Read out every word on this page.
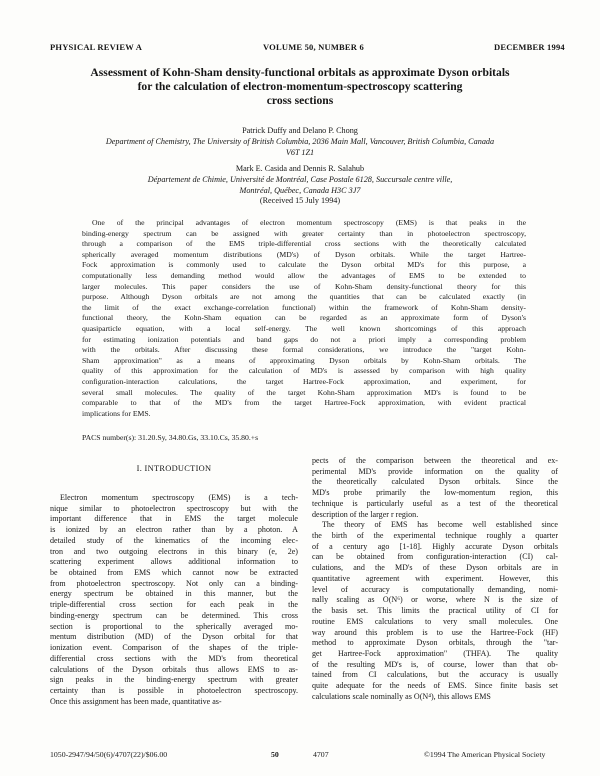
PHYSICAL REVIEW A	VOLUME 50, NUMBER 6	DECEMBER 1994
Assessment of Kohn-Sham density-functional orbitals as approximate Dyson orbitals
for the calculation of electron-momentum-spectroscopy scattering
cross sections
Patrick Duffy and Delano P. Chong
Department of Chemistry, The University of British Columbia, 2036 Main Mall, Vancouver, British Columbia, Canada
V6T 1Z1
Mark E. Casida and Dennis R. Salahub
Département de Chimie, Université de Montréal, Case Postale 6128, Succursale centre ville,
Montréal, Québec, Canada H3C 3J7
(Received 15 July 1994)
One of the principal advantages of electron momentum spectroscopy (EMS) is that peaks in the
binding-energy spectrum can be assigned with greater certainty than in photoelectron spectroscopy,
through a comparison of the EMS triple-differential cross sections with the theoretically calculated
spherically averaged momentum distributions (MD's) of Dyson orbitals. While the target Hartree-
Fock approximation is commonly used to calculate the Dyson orbital MD's for this purpose, a
computationally less demanding method would allow the advantages of EMS to be extended to
larger molecules. This paper considers the use of Kohn-Sham density-functional theory for this
purpose. Although Dyson orbitals are not among the quantities that can be calculated exactly (in
the limit of the exact exchange-correlation functional) within the framework of Kohn-Sham density-
functional theory, the Kohn-Sham equation can be regarded as an approximate form of Dyson's
quasiparticle equation, with a local self-energy. The well known shortcomings of this approach
for estimating ionization potentials and band gaps do not a priori imply a corresponding problem
with the orbitals. After discussing these formal considerations, we introduce the "target Kohn-
Sham approximation" as a means of approximating Dyson orbitals by Kohn-Sham orbitals. The
quality of this approximation for the calculation of MD's is assessed by comparison with high quality
configuration-interaction calculations, the target Hartree-Fock approximation, and experiment, for
several small molecules. The quality of the target Kohn-Sham approximation MD's is found to be
comparable to that of the MD's from the target Hartree-Fock approximation, with evident practical
implications for EMS.
PACS number(s): 31.20.Sy, 34.80.Gs, 33.10.Cs, 35.80.+s
I. INTRODUCTION
Electron momentum spectroscopy (EMS) is a tech-
nique similar to photoelectron spectroscopy but with the
important difference that in EMS the target molecule
is ionized by an electron rather than by a photon. A
detailed study of the kinematics of the incoming elec-
tron and two outgoing electrons in this binary (e, 2e)
scattering experiment allows additional information to
be obtained from EMS which cannot now be extracted
from photoelectron spectroscopy. Not only can a binding-
energy spectrum be obtained in this manner, but the
triple-differential cross section for each peak in the
binding-energy spectrum can be determined. This cross
section is proportional to the spherically averaged mo-
mentum distribution (MD) of the Dyson orbital for that
ionization event. Comparison of the shapes of the triple-
differential cross sections with the MD's from theoretical
calculations of the Dyson orbitals thus allows EMS to as-
sign peaks in the binding-energy spectrum with greater
certainty than is possible in photoelectron spectroscopy.
Once this assignment has been made, quantitative as-
pects of the comparison between the theoretical and ex-
perimental MD's provide information on the quality of
the theoretically calculated Dyson orbitals. Since the
MD's probe primarily the low-momentum region, this
technique is particularly useful as a test of the theoretical
description of the larger r region.
The theory of EMS has become well established since
the birth of the experimental technique roughly a quarter
of a century ago [1-18]. Highly accurate Dyson orbitals
can be obtained from configuration-interaction (CI) cal-
culations, and the MD's of these Dyson orbitals are in
quantitative agreement with experiment. However, this
level of accuracy is computationally demanding, nomi-
nally scaling as O(N⁶) or worse, where N is the size of
the basis set. This limits the practical utility of CI for
routine EMS calculations to very small molecules. One
way around this problem is to use the Hartree-Fock (HF)
method to approximate Dyson orbitals, through the "tar-
get Hartree-Fock approximation" (THFA). The quality
of the resulting MD's is, of course, lower than that ob-
tained from CI calculations, but the accuracy is usually
quite adequate for the needs of EMS. Since finite basis set
calculations scale nominally as O(N⁴), this allows EMS
1050-2947/94/50(6)/4707(22)/$06.00	50	4707	©1994 The American Physical Society
